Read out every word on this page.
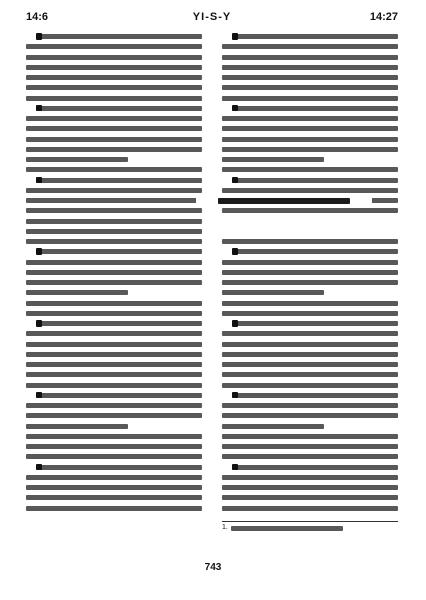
14:6	YI-S-Y	14:27
1.
743
